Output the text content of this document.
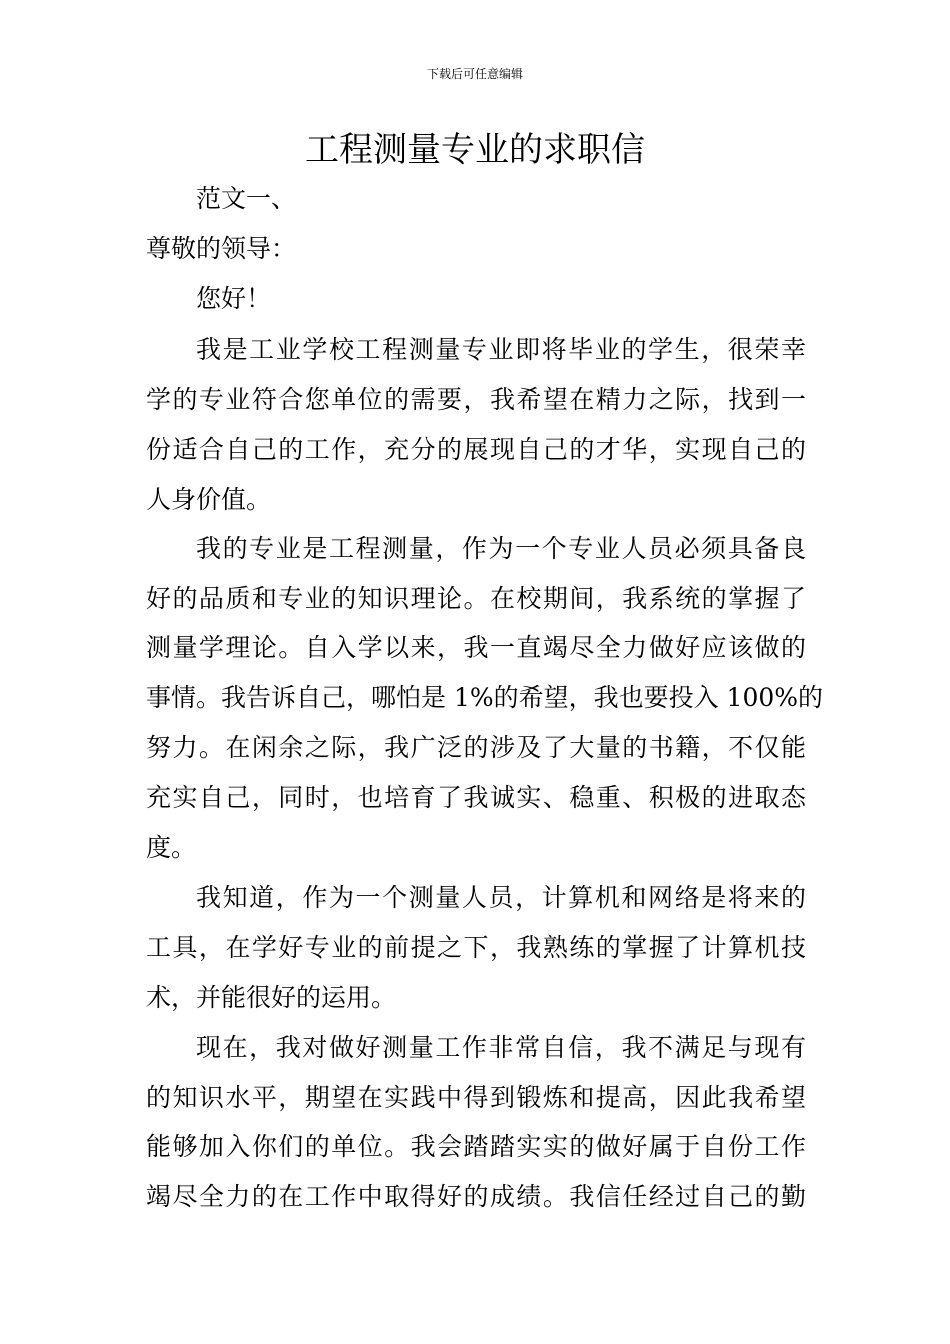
下载后可任意编辑
工程测量专业的求职信
范文一、
尊敬的领导：
您好！
我是工业学校工程测量专业即将毕业的学生，很荣幸
学的专业符合您单位的需要，我希望在精力之际，找到一
份适合自己的工作，充分的展现自己的才华，实现自己的
人身价值。
我的专业是工程测量，作为一个专业人员必须具备良
好的品质和专业的知识理论。在校期间，我系统的掌握了
测量学理论。自入学以来，我一直竭尽全力做好应该做的
事情。我告诉自己，哪怕是 1%的希望，我也要投入 100%的
努力。在闲余之际，我广泛的涉及了大量的书籍，不仅能
充实自己，同时，也培育了我诚实、稳重、积极的进取态
度。
我知道，作为一个测量人员，计算机和网络是将来的
工具，在学好专业的前提之下，我熟练的掌握了计算机技
术，并能很好的运用。
现在，我对做好测量工作非常自信，我不满足与现有
的知识水平，期望在实践中得到锻炼和提高，因此我希望
能够加入你们的单位。我会踏踏实实的做好属于自份工作
竭尽全力的在工作中取得好的成绩。我信任经过自己的勤
